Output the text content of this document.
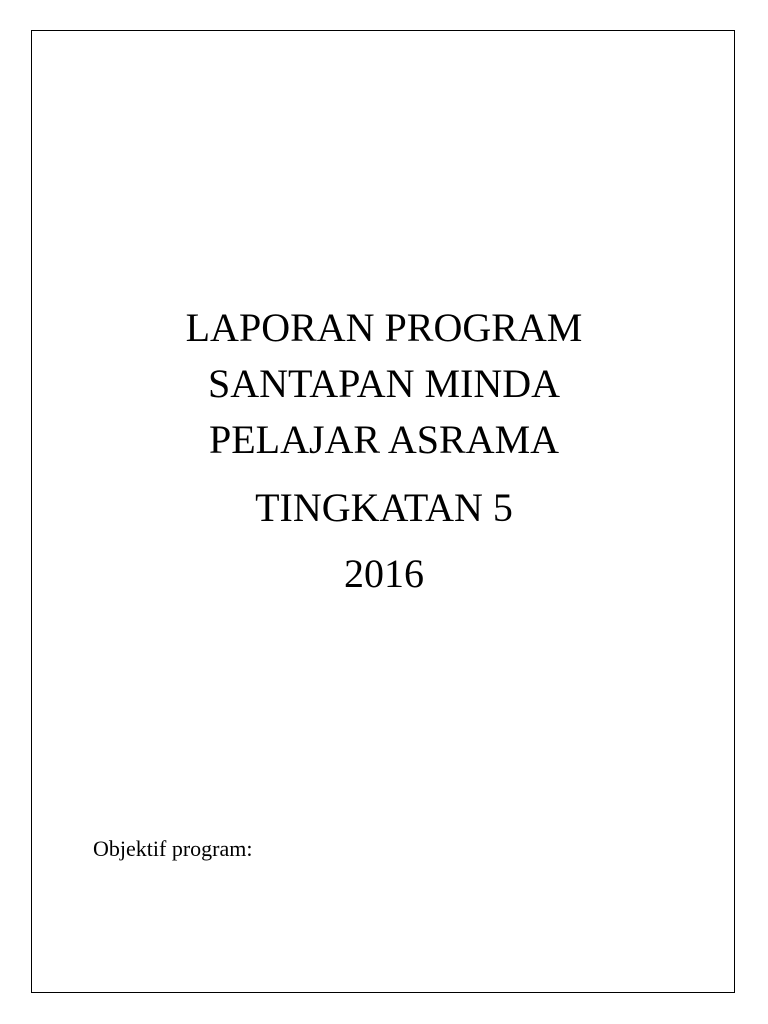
LAPORAN PROGRAM
SANTAPAN MINDA
PELAJAR ASRAMA
TINGKATAN 5
2016
Objektif program:
